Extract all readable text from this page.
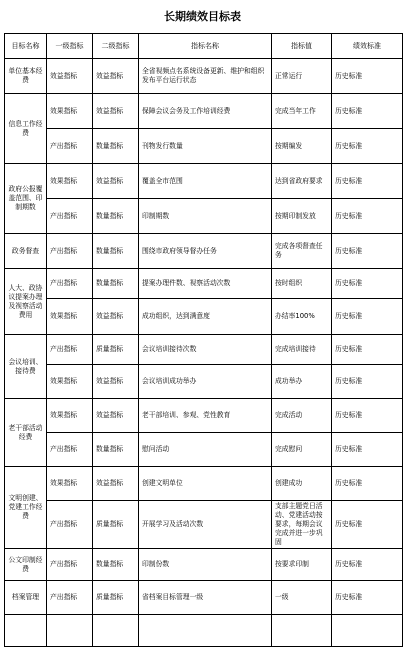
长期绩效目标表
目标名称	一级指标	二级指标	指标名称	指标值	绩效标准
单位基本经费	效益指标	效益指标	全省视频点名系统设备更新、维护和组织发布平台运行状态	正常运行	历史标准
信息工作经费	效果指标	效益指标	保障会议会务及工作培训经费	完成当年工作	历史标准
	产出指标	数量指标	刊物发行数量	按期编发	历史标准
政府公报覆盖范围、印制期数	效果指标	效益指标	覆盖全市范围	达到省政府要求	历史标准
	产出指标	数量指标	印制期数	按期印制发放	历史标准
政务督查	产出指标	数量指标	围绕市政府领导督办任务	完成各项督查任务	历史标准
人大、政协议提案办理及视察活动费用	产出指标	数量指标	提案办理件数、视察活动次数	按时组织	历史标准
	效果指标	效益指标	成功组织，达到满意度	办结率100%	历史标准
会议培训、接待费	产出指标	质量指标	会议培训接待次数	完成培训接待	历史标准
	效果指标	效益指标	会议培训成功举办	成功举办	历史标准
老干部活动经费	效果指标	效益指标	老干部培训、参观、党性教育	完成活动	历史标准
	产出指标	数量指标	慰问活动	完成慰问	历史标准
文明创建、党建工作经费	效果指标	效益指标	创建文明单位	创建成功	历史标准
	产出指标	质量指标	开展学习及活动次数	支部主题党日活动、党建活动按要求，每期会议完成并进一步巩固	历史标准
公文印制经费	产出指标	数量指标	印制份数	按要求印制	历史标准
档案管理	产出指标	质量指标	省档案目标管理一级	一级	历史标准
